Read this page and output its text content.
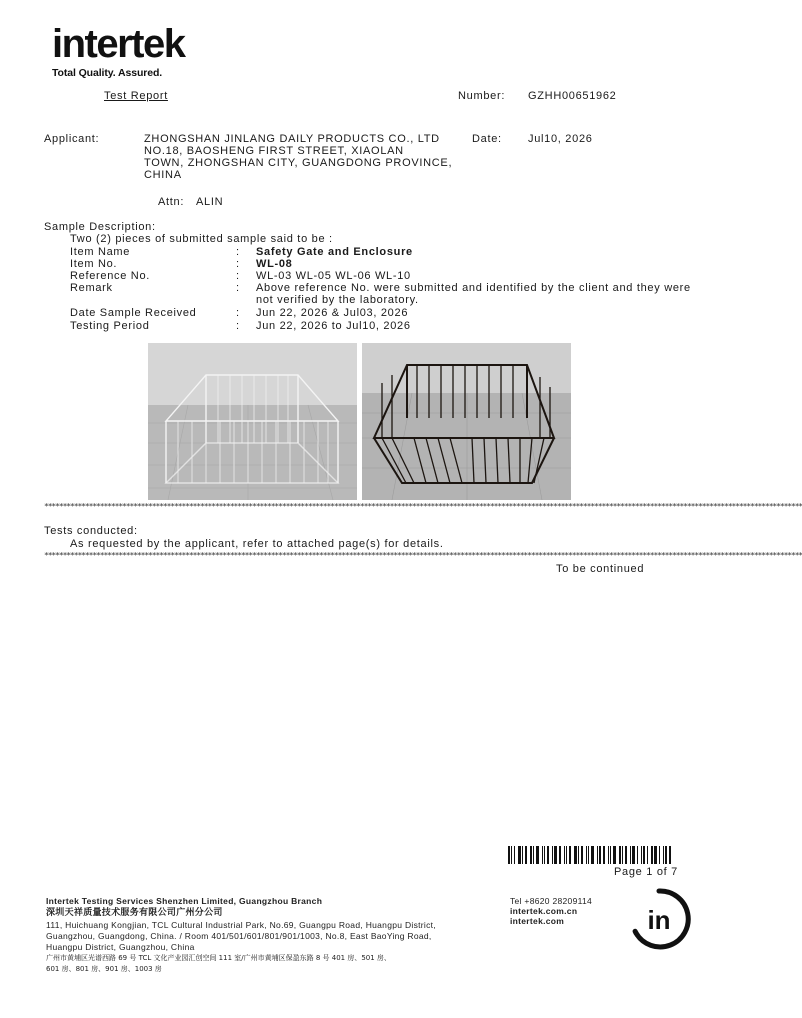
intertek
Total Quality. Assured.
Test Report	Number: GZHH00651962
Applicant:	ZHONGSHAN JINLANG DAILY PRODUCTS CO., LTD
NO.18, BAOSHENG FIRST STREET, XIAOLAN
TOWN, ZHONGSHAN CITY, GUANGDONG PROVINCE,
CHINA
Date: Jul10, 2026
Attn: ALIN
Sample Description:
Two (2) pieces of submitted sample said to be :
Item Name	: Safety Gate and Enclosure
Item No.	: WL-08
Reference No.	: WL-03 WL-05 WL-06 WL-10
Remark	: Above reference No. were submitted and identified by the client and they were
not verified by the laboratory.
Date Sample Received	: Jun 22, 2026 & Jul03, 2026
Testing Period	: Jun 22, 2026 to Jul10, 2026
************************************************************************************************************************************************************************************************************
Tests conducted:
As requested by the applicant, refer to attached page(s) for details.
************************************************************************************************************************************************************************************************************
To be continued
Page 1 of 7
Intertek Testing Services Shenzhen Limited, Guangzhou Branch
深圳天祥质量技术服务有限公司广州分公司
111, Huichuang Kongjian, TCL Cultural Industrial Park, No.69, Guangpu Road, Huangpu District,
Guangzhou, Guangdong, China. / Room 401/501/601/801/901/1003, No.8, East BaoYing Road,
Huangpu District, Guangzhou, China
广州市黄埔区光谱西路 69 号 TCL 文化产业园汇创空间 111 室/广州市黄埔区保盈东路 8 号 401 房、501 房、
601 房、801 房、901 房、1003 房
Tel +8620 28209114
intertek.com.cn
intertek.com	in
